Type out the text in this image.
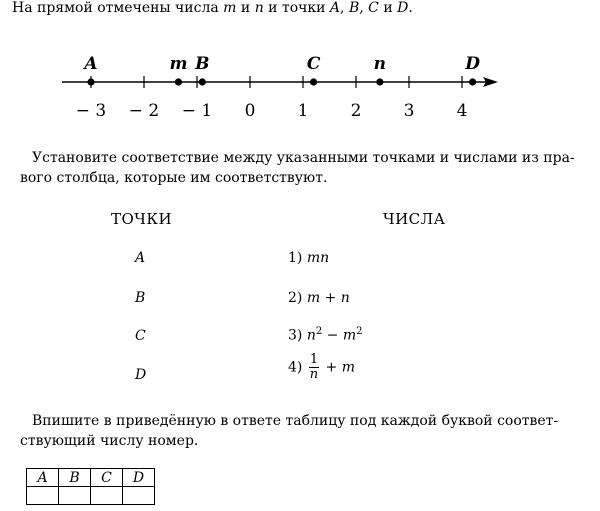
На прямой отмечены числа m и n и точки A, B, C и D.
− 3 − 2 − 1 0 1 2 3 4
A	m B	C	n	D
Установите соответствие между указанными точками и числами из пра-
вого столбца, которые им соответствуют.
ТОЧКИ	ЧИСЛА
A	1) mn
B	2) m + n
C	3) $n^2 - m^2$
D	$4) \frac{1}{n} + m$
Впишите в приведённую в ответе таблицу под каждой буквой соответ-
ствующий числу номер.
A	B	C	D
